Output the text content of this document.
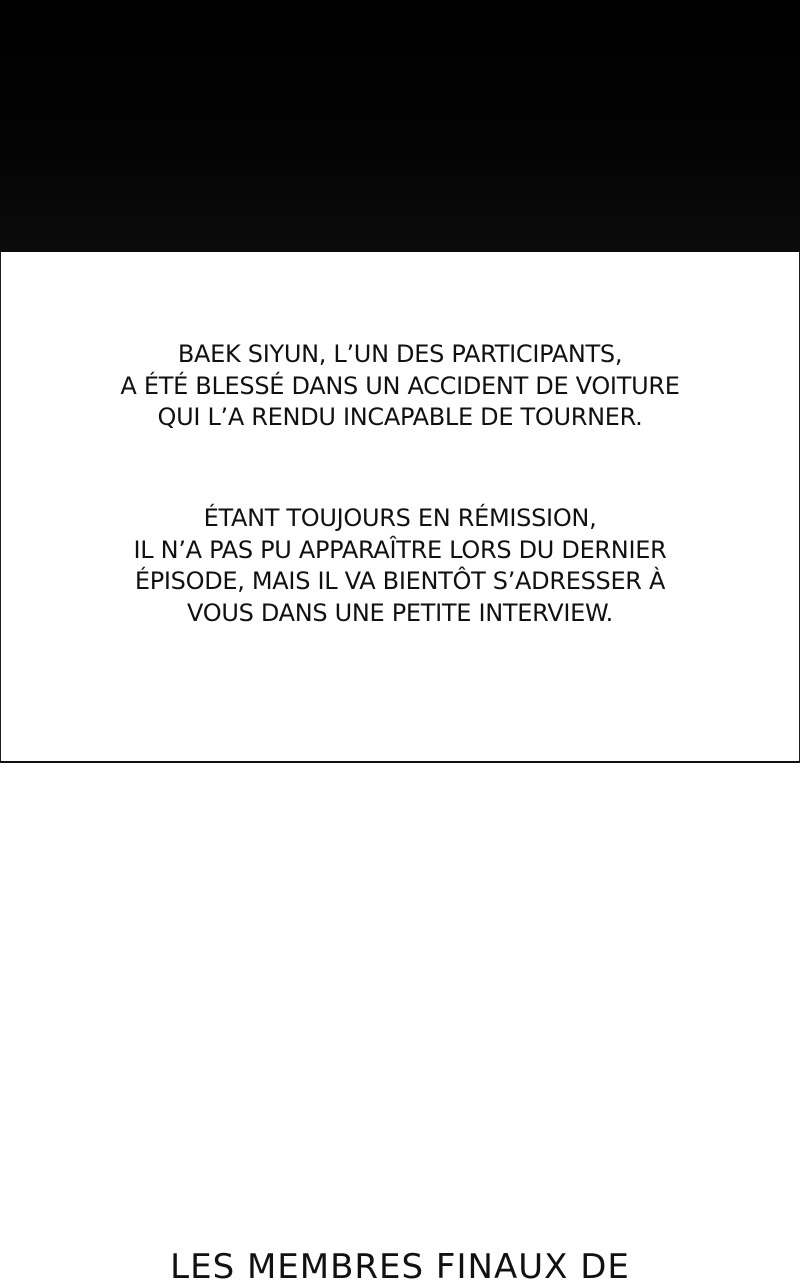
BAEK SIYUN, L’UN DES PARTICIPANTS,
A ÉTÉ BLESSÉ DANS UN ACCIDENT DE VOITURE
QUI L’A RENDU INCAPABLE DE TOURNER.

ÉTANT TOUJOURS EN RÉMISSION,
IL N’A PAS PU APPARAÎTRE LORS DU DERNIER
ÉPISODE, MAIS IL VA BIENTÔT S’ADRESSER À
VOUS DANS UNE PETITE INTERVIEW.

LES MEMBRES FINAUX DE
